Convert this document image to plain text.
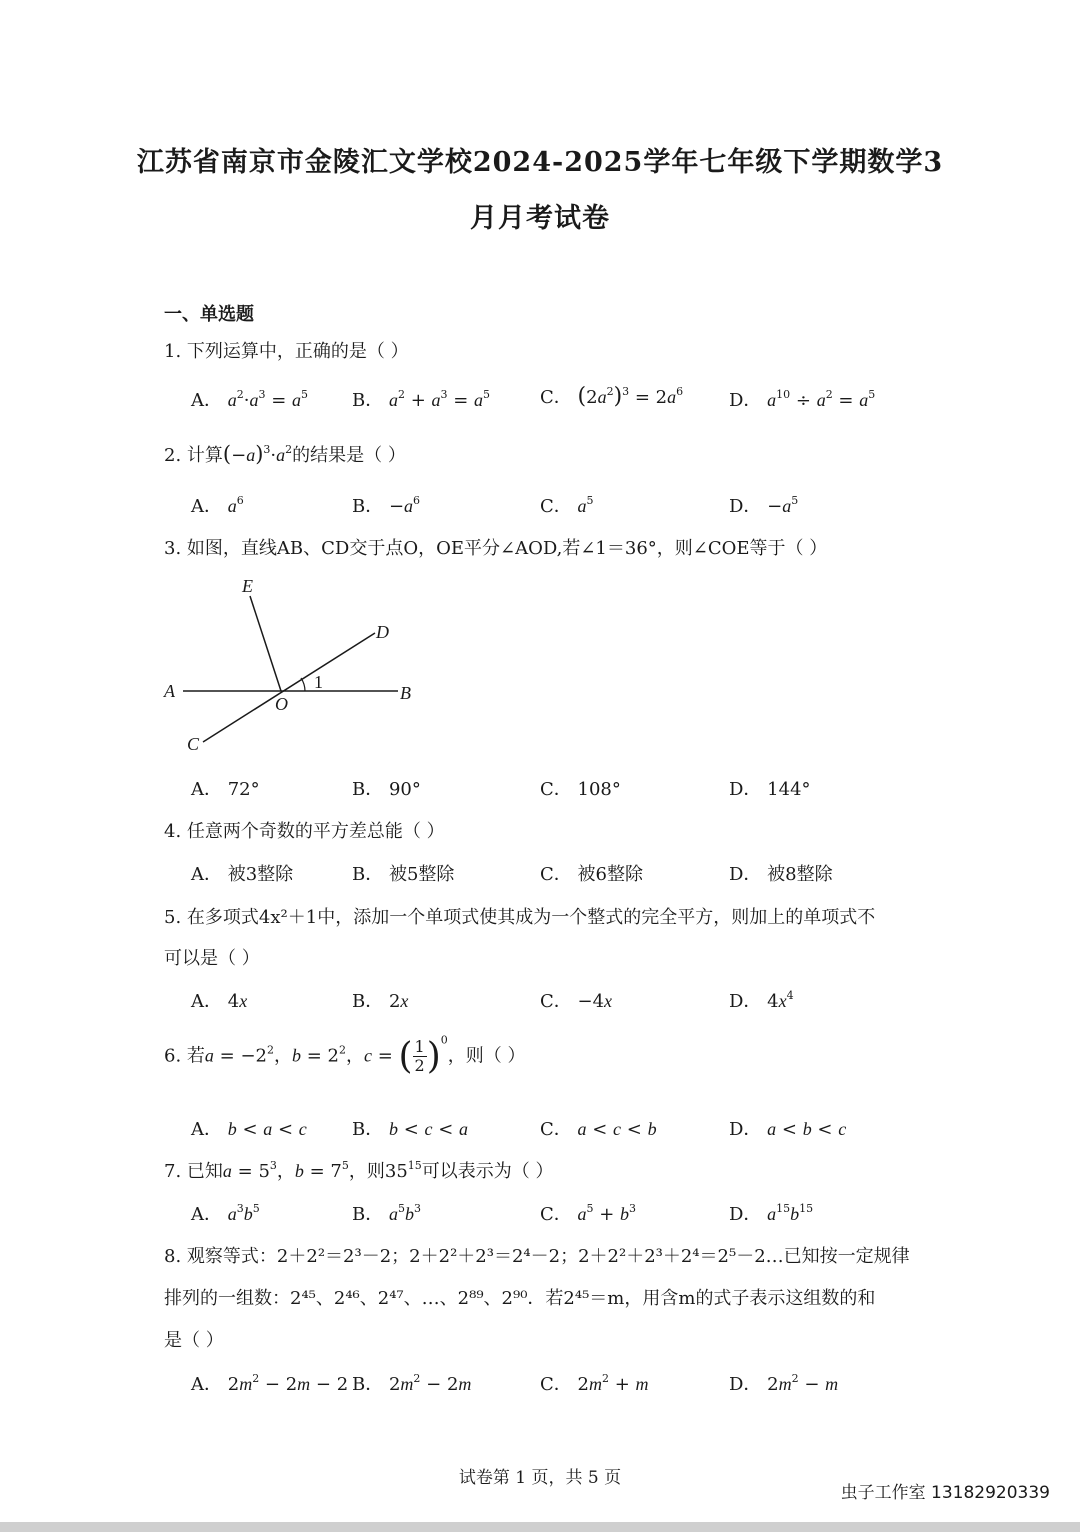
江苏省南京市金陵汇文学校2024-2025学年七年级下学期数学3
月月考试卷
一、单选题
1. 下列运算中，正确的是（ ）
A． $a^2\cdot a^3 = a^5$ B． $a^2 + a^3 = a^5$	C． $(2a^2)^3 = 2a^6$	D． $a^{10} \div a^2 = a^5$
2. 计算$(-a)^3\cdot a^2$的结果是（ ）
A． $a^6$	B． $-a^6$	C． $a^5$	D． $-a^5$
3. 如图，直线AB、CD交于点O，OE平分∠AOD,若∠1＝36°，则∠COE等于（ ）
E
D
A	B
C
O
1
A． 72°	B． 90°	C． 108°	D． 144°
4. 任意两个奇数的平方差总能（ ）
A． 被3整除	B． 被5整除	C． 被6整除	D． 被8整除
5. 在多项式4x²＋1中，添加一个单项式使其成为一个整式的完全平方，则加上的单项式不
可以是（ ）
A． 4x	B． 2x	C． −4x	D． $4x^4$
6. 若$a = -2^2$，$b = 2^2$，c = ( $\frac{1}{2} )^0$，则（ ）
A． b < a < c	B． b < c < a	C． a < c < b	D． a < b < c
7. 已知$a = 5^3$，$b = 7^5$，则$35^{15}$可以表示为（ ）
A． $a^3b^5$	B． $a^5b^3$	C． $a^5 + b^3$	D． $a^{15}b^{15}$
8. 观察等式：2＋2²＝2³－2；2＋2²＋2³＝2⁴－2；2＋2²＋2³＋2⁴＝2⁵－2…已知按一定规律
排列的一组数：2⁴⁵、2⁴⁶、2⁴⁷、…、2⁸⁹、2⁹⁰．若2⁴⁵＝m，用含m的式子表示这组数的和
是（ ）
A． $2m^2 - 2m - 2$ B． $2m^2 - 2m$	C． $2m^2 + m$	D． $2m^2 - m$
试卷第 1 页，共 5 页
虫子工作室 13182920339
